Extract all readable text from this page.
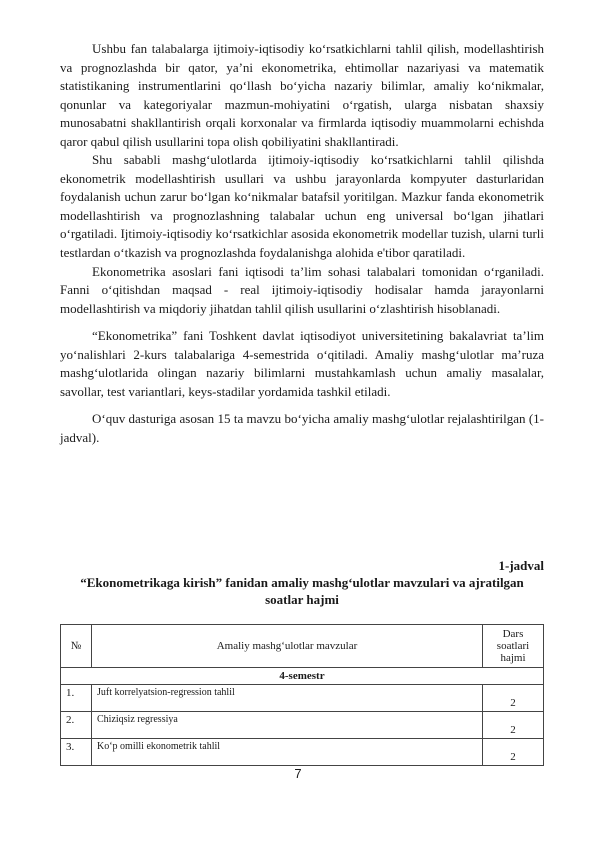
Ushbu fan talabalarga ijtimoiy-iqtisodiy ko‘rsatkichlarni tahlil qilish, modellashtirish va prognozlashda bir qator, ya’ni ekonometrika, ehtimollar nazariyasi va matematik statistikaning instrumentlarini qo‘llash bo‘yicha nazariy bilimlar, amaliy ko‘nikmalar, qonunlar va kategoriyalar mazmun-mohiyatini o‘rgatish, ularga nisbatan shaxsiy munosabatni shakllantirish orqali korxonalar va firmlarda iqtisodiy muammolarni echishda qaror qabul qilish usullarini topa olish qobiliyatini shakllantiradi.

Shu sababli mashg‘ulotlarda ijtimoiy-iqtisodiy ko‘rsatkichlarni tahlil qilishda ekonometrik modellashtirish usullari va ushbu jarayonlarda kompyuter dasturlaridan foydalanish uchun zarur bo‘lgan ko‘nikmalar batafsil yoritilgan. Mazkur fanda ekonometrik modellashtirish va prognozlashning talabalar uchun eng universal bo‘lgan jihatlari o‘rgatiladi. Ijtimoiy-iqtisodiy ko‘rsatkichlar asosida ekonometrik modellar tuzish, ularni turli testlardan o‘tkazish va prognozlashda foydalanishga alohida e'tibor qaratiladi.

Ekonometrika asoslari fani iqtisodi ta’lim sohasi talabalari tomonidan o‘rganiladi. Fanni o‘qitishdan maqsad - real ijtimoiy-iqtisodiy hodisalar hamda jarayonlarni modellashtirish va miqdoriy jihatdan tahlil qilish usullarini o‘zlashtirish hisoblanadi.

“Ekonometrika” fani Toshkent davlat iqtisodiyot universitetining bakalavriat ta’lim yo‘nalishlari 2-kurs talabalariga 4-semestrida o‘qitiladi. Amaliy mashg‘ulotlar ma’ruza mashg‘ulotlarida olingan nazariy bilimlarni mustahkamlash uchun amaliy masalalar, savollar, test variantlari, keys-stadilar yordamida tashkil etiladi.

O‘quv dasturiga asosan 15 ta mavzu bo‘yicha amaliy mashg‘ulotlar rejalashtirilgan (1-jadval).

1-jadval

“Ekonometrikaga kirish” fanidan amaliy mashg‘ulotlar mavzulari va ajratilgan soatlar hajmi

№	Amaliy mashg‘ulotlar mavzular	Dars soatlari hajmi
4-semestr		
1.	Juft korrelyatsion-regression tahlil	2
2.	Chiziqsiz regressiya	2
3.	Ko‘p omilli ekonometrik tahlil	2
7
